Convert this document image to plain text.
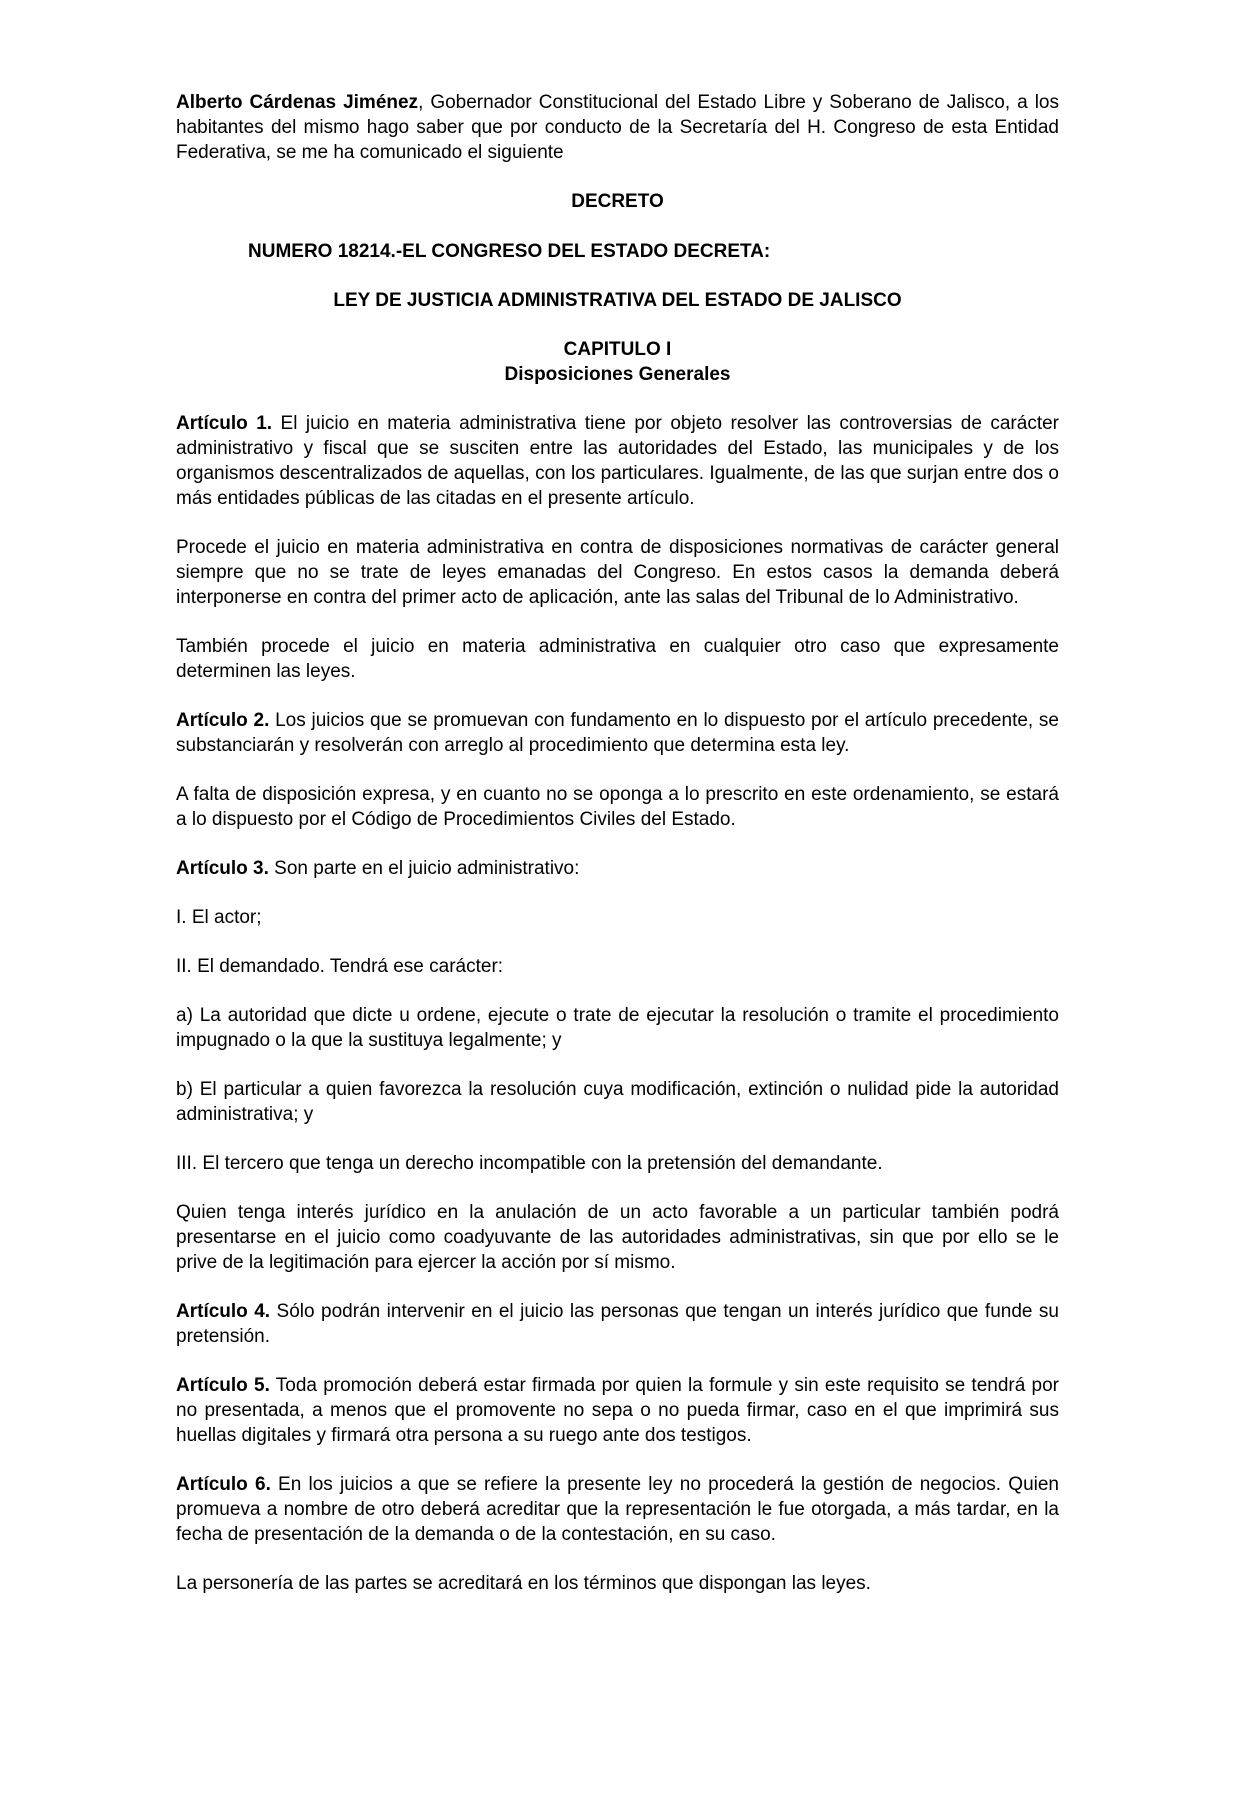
Alberto Cárdenas Jiménez, Gobernador Constitucional del Estado Libre y Soberano de Jalisco, a los habitantes del mismo hago saber que por conducto de la Secretaría del H. Congreso de esta Entidad Federativa, se me ha comunicado el siguiente

DECRETO
NUMERO 18214.-EL CONGRESO DEL ESTADO DECRETA:
LEY DE JUSTICIA ADMINISTRATIVA DEL ESTADO DE JALISCO
CAPITULO I
Disposiciones Generales

Artículo 1. El juicio en materia administrativa tiene por objeto resolver las controversias de carácter administrativo y fiscal que se susciten entre las autoridades del Estado, las municipales y de los organismos descentralizados de aquellas, con los particulares. Igualmente, de las que surjan entre dos o más entidades públicas de las citadas en el presente artículo.

Procede el juicio en materia administrativa en contra de disposiciones normativas de carácter general siempre que no se trate de leyes emanadas del Congreso. En estos casos la demanda deberá interponerse en contra del primer acto de aplicación, ante las salas del Tribunal de lo Administrativo.

También procede el juicio en materia administrativa en cualquier otro caso que expresamente determinen las leyes.

Artículo 2. Los juicios que se promuevan con fundamento en lo dispuesto por el artículo precedente, se substanciarán y resolverán con arreglo al procedimiento que determina esta ley.

A falta de disposición expresa, y en cuanto no se oponga a lo prescrito en este ordenamiento, se estará a lo dispuesto por el Código de Procedimientos Civiles del Estado.

Artículo 3. Son parte en el juicio administrativo:

I. El actor;
II. El demandado. Tendrá ese carácter:

a) La autoridad que dicte u ordene, ejecute o trate de ejecutar la resolución o tramite el procedimiento impugnado o la que la sustituya legalmente; y

b) El particular a quien favorezca la resolución cuya modificación, extinción o nulidad pide la autoridad administrativa; y

III. El tercero que tenga un derecho incompatible con la pretensión del demandante.

Quien tenga interés jurídico en la anulación de un acto favorable a un particular también podrá presentarse en el juicio como coadyuvante de las autoridades administrativas, sin que por ello se le prive de la legitimación para ejercer la acción por sí mismo.

Artículo 4. Sólo podrán intervenir en el juicio las personas que tengan un interés jurídico que funde su pretensión.

Artículo 5. Toda promoción deberá estar firmada por quien la formule y sin este requisito se tendrá por no presentada, a menos que el promovente no sepa o no pueda firmar, caso en el que imprimirá sus huellas digitales y firmará otra persona a su ruego ante dos testigos.

Artículo 6. En los juicios a que se refiere la presente ley no procederá la gestión de negocios. Quien promueva a nombre de otro deberá acreditar que la representación le fue otorgada, a más tardar, en la fecha de presentación de la demanda o de la contestación, en su caso.

La personería de las partes se acreditará en los términos que dispongan las leyes.
